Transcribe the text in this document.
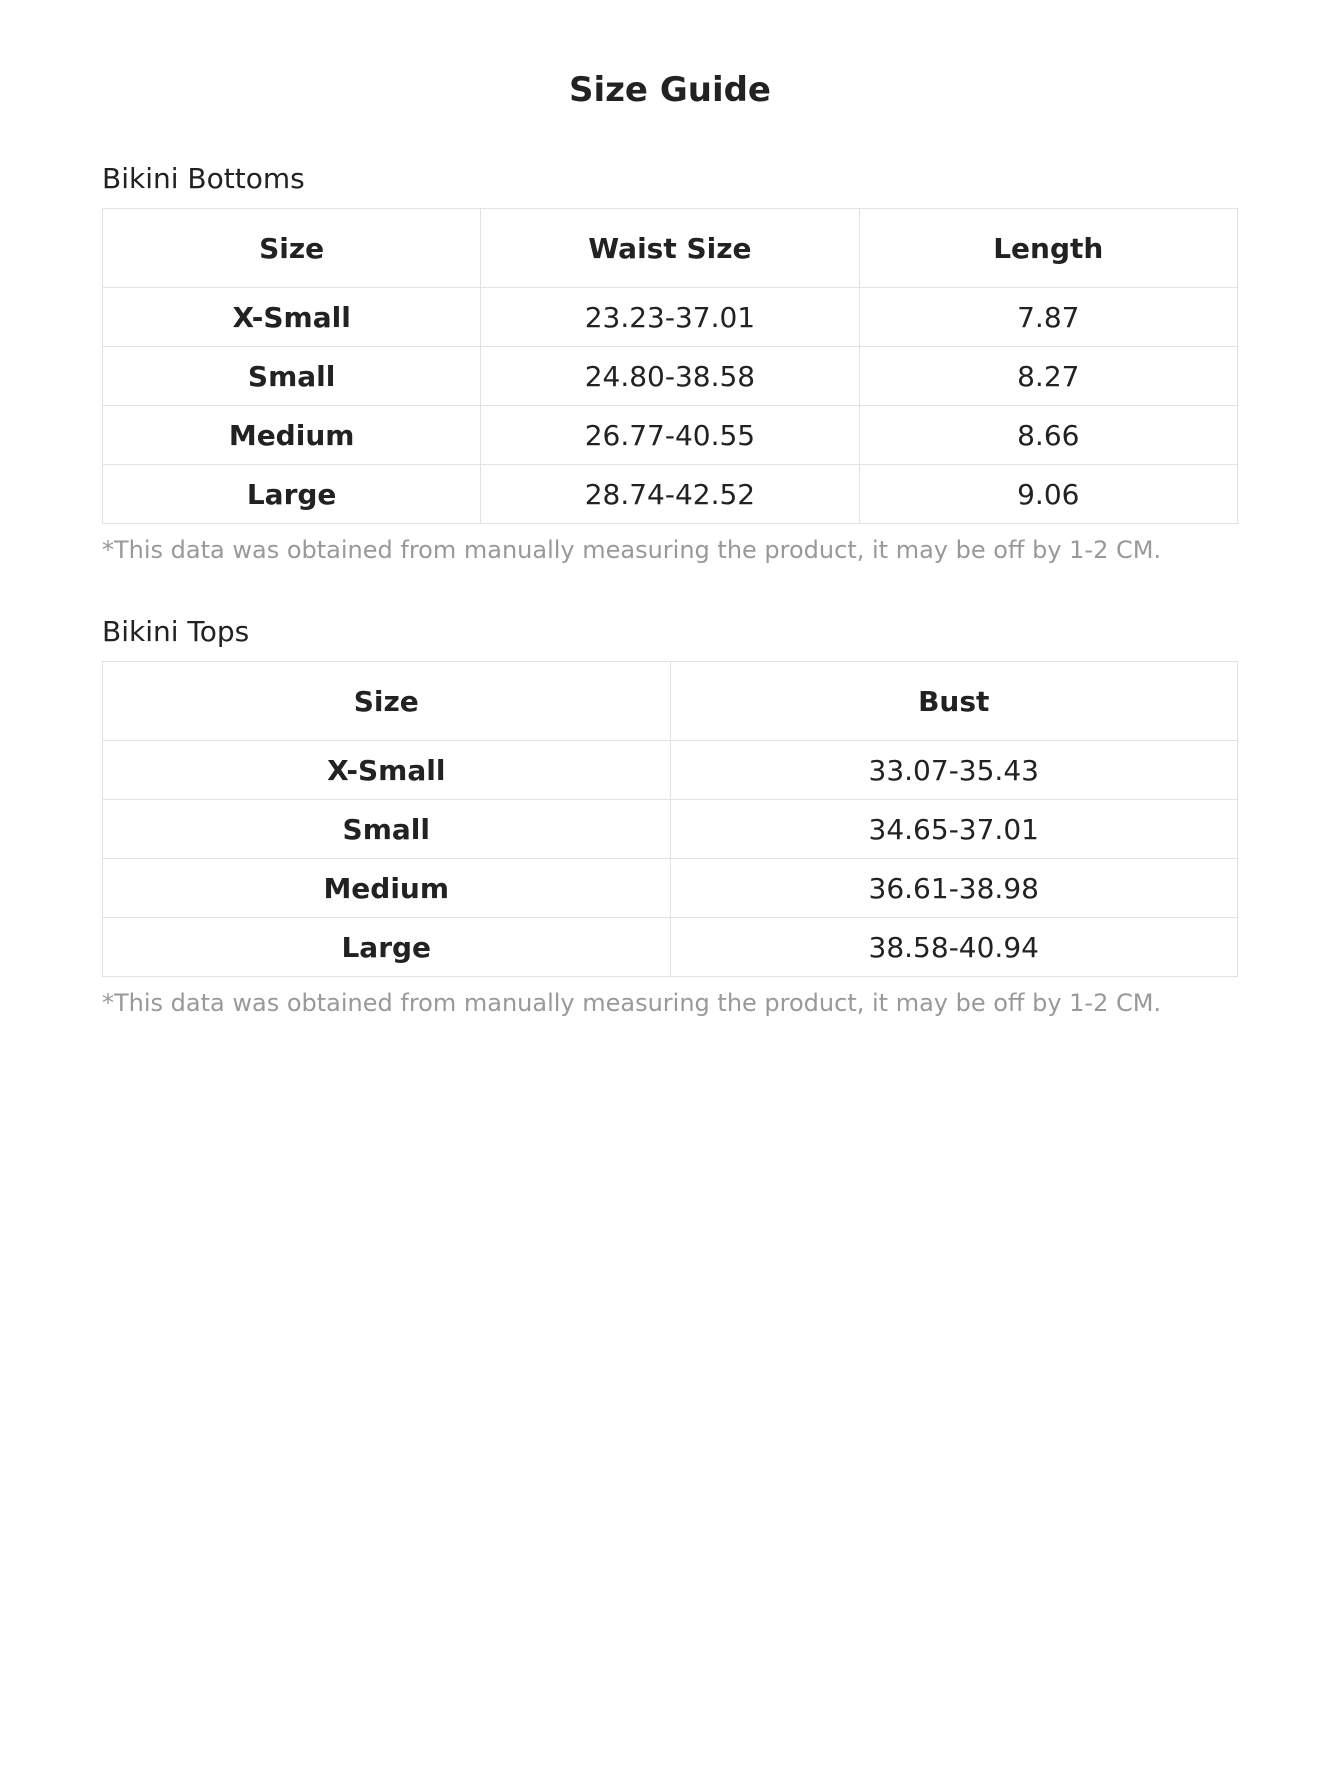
Size Guide
Bikini Bottoms
Size	Waist Size	Length
X-Small	23.23-37.01	7.87
Small	24.80-38.58	8.27
Medium	26.77-40.55	8.66
Large	28.74-42.52	9.06

*This data was obtained from manually measuring the product, it may be off by 1-2 CM.

Bikini Tops
Size	Bust
X-Small	33.07-35.43
Small	34.65-37.01
Medium	36.61-38.98
Large	38.58-40.94

*This data was obtained from manually measuring the product, it may be off by 1-2 CM.
